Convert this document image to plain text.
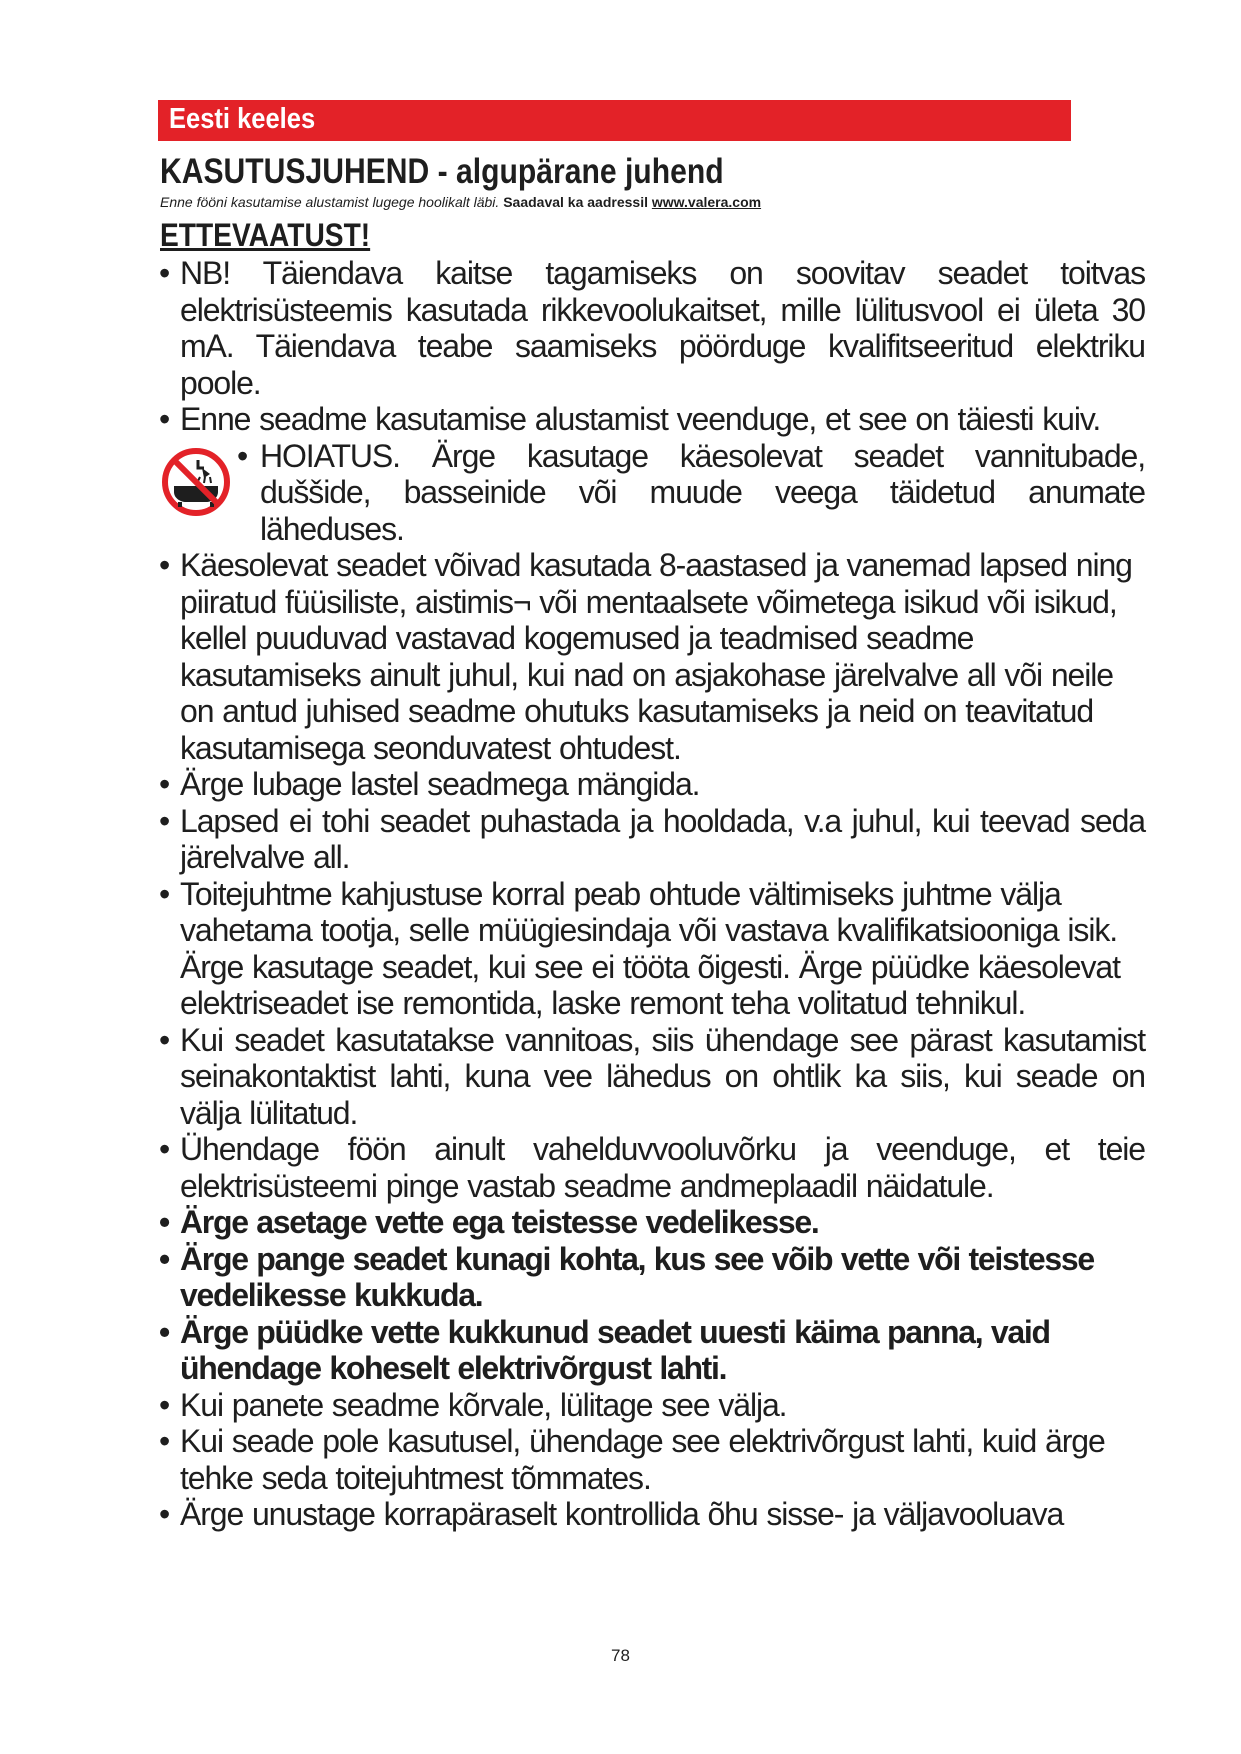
Eesti keeles
KASUTUSJUHEND - algupärane juhend

Enne fööni kasutamise alustamist lugege hoolikalt läbi. Saadaval ka aadressil www.valera.com

ETTEVAATUST!
• NB! Täiendava kaitse tagamiseks on soovitav seadet toitvas elektrisüsteemis kasutada rikkevoolukaitset, mille lülitusvool ei ületa 30 mA. Täiendava teabe saamiseks pöörduge kvalifitseeritud elektriku poole.
• Enne seadme kasutamise alustamist veenduge, et see on täiesti kuiv.
• HOIATUS. Ärge kasutage käesolevat seadet vannitubade, duššide, basseinide või muude veega täidetud anumate läheduses.
• Käesolevat seadet võivad kasutada 8-aastased ja vanemad lapsed ning piiratud füüsiliste, aistimis¬ või mentaalsete võimetega isikud või isikud, kellel puuduvad vastavad kogemused ja teadmised seadme kasutamiseks ainult juhul, kui nad on asjakohase järelvalve all või neile on antud juhised seadme ohutuks kasutamiseks ja neid on teavitatud kasutamisega seonduvatest ohtudest.
• Ärge lubage lastel seadmega mängida.
• Lapsed ei tohi seadet puhastada ja hooldada, v.a juhul, kui teevad seda järelvalve all.
• Toitejuhtme kahjustuse korral peab ohtude vältimiseks juhtme välja vahetama tootja, selle müügiesindaja või vastava kvalifikatsiooniga isik. Ärge kasutage seadet, kui see ei tööta õigesti. Ärge püüdke käesolevat elektriseadet ise remontida, laske remont teha volitatud tehnikul.
• Kui seadet kasutatakse vannitoas, siis ühendage see pärast kasutamist seinakontaktist lahti, kuna vee lähedus on ohtlik ka siis, kui seade on välja lülitatud.
• Ühendage föön ainult vahelduvvooluvõrku ja veenduge, et teie elektrisüsteemi pinge vastab seadme andmeplaadil näidatule.
• Ärge asetage vette ega teistesse vedelikesse.
• Ärge pange seadet kunagi kohta, kus see võib vette või teistesse vedelikesse kukkuda.
• Ärge püüdke vette kukkunud seadet uuesti käima panna, vaid ühendage koheselt elektrivõrgust lahti.
• Kui panete seadme kõrvale, lülitage see välja.
• Kui seade pole kasutusel, ühendage see elektrivõrgust lahti, kuid ärge tehke seda toitejuhtmest tõmmates.
• Ärge unustage korrapäraselt kontrollida õhu sisse- ja väljavooluava
78
